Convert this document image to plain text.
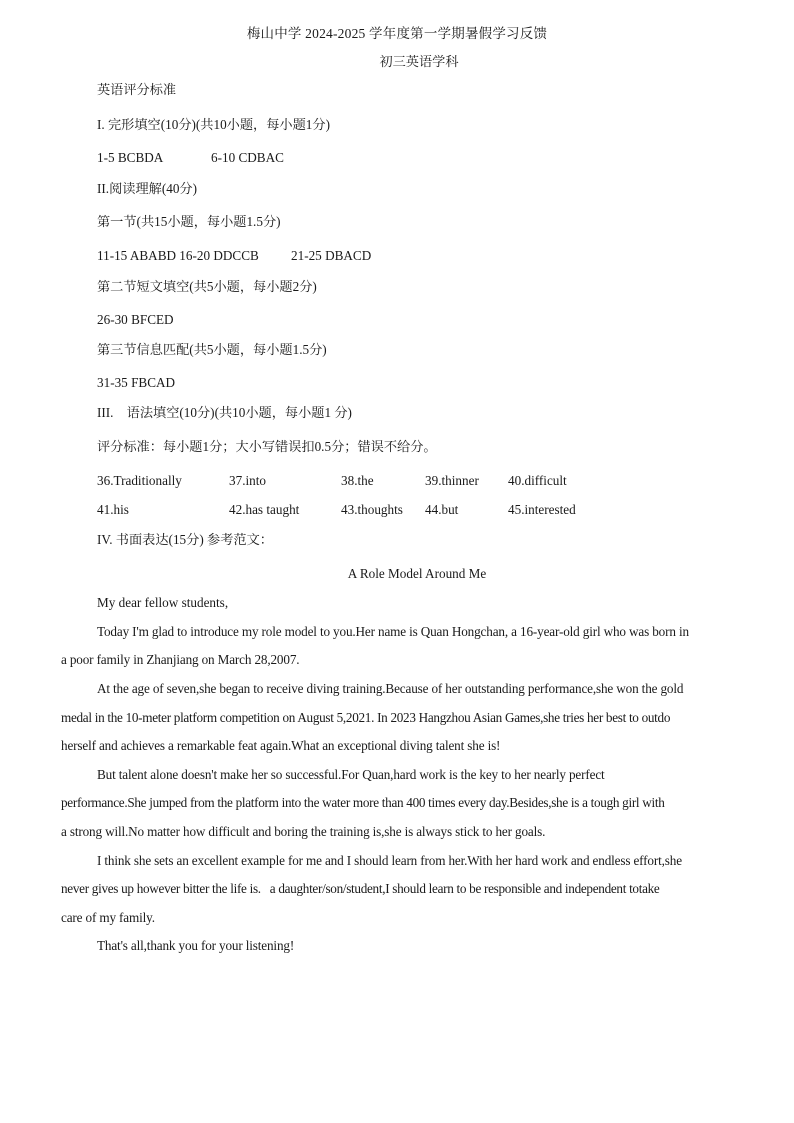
梅山中学 2024-2025 学年度第一学期暑假学习反馈
初三英语学科
英语评分标准
I. 完形填空(10分)(共10小题，每小题1分)
1-5 BCBDA	6-10 CDBAC
II.阅读理解(40分)
第一节(共15小题，每小题1.5分)
11-15 ABABD 16-20 DDCCB 21-25 DBACD
第二节短文填空(共5小题，每小题2分)
26-30 BFCED
第三节信息匹配(共5小题，每小题1.5分)
31-35 FBCAD
III.    语法填空(10分)(共10小题，每小题1 分)
评分标准：每小题1分；大小写错误扣0.5分；错误不给分。
36.Traditionally	37.into	38.the	39.thinner 40.difficult
41.his	42.has taught	43.thoughts 44.but	45.interested
IV. 书面表达(15分) 参考范文：
A Role Model Around Me
My dear fellow students,
Today I'm glad to introduce my role model to you.Her name is Quan Hongchan, a 16-year-old girl who was born in
a poor family in Zhanjiang on March 28,2007.
At the age of seven,she began to receive diving training.Because of her outstanding performance,she won the gold
medal in the 10-meter platform competition on August 5,2021. In 2023 Hangzhou Asian Games,she tries her best to outdo
herself and achieves a remarkable feat again.What an exceptional diving talent she is!
But talent alone doesn't make her so successful.For Quan,hard work is the key to her nearly perfect
performance.She jumped from the platform into the water more than 400 times every day.Besides,she is a tough girl with
a strong will.No matter how difficult and boring the training is,she is always stick to her goals.
I think she sets an excellent example for me and I should learn from her.With her hard work and endless effort,she
never gives up however bitter the life is.   a daughter/son/student,I should learn to be responsible and independent totake
care of my family.
That's all,thank you for your listening!
